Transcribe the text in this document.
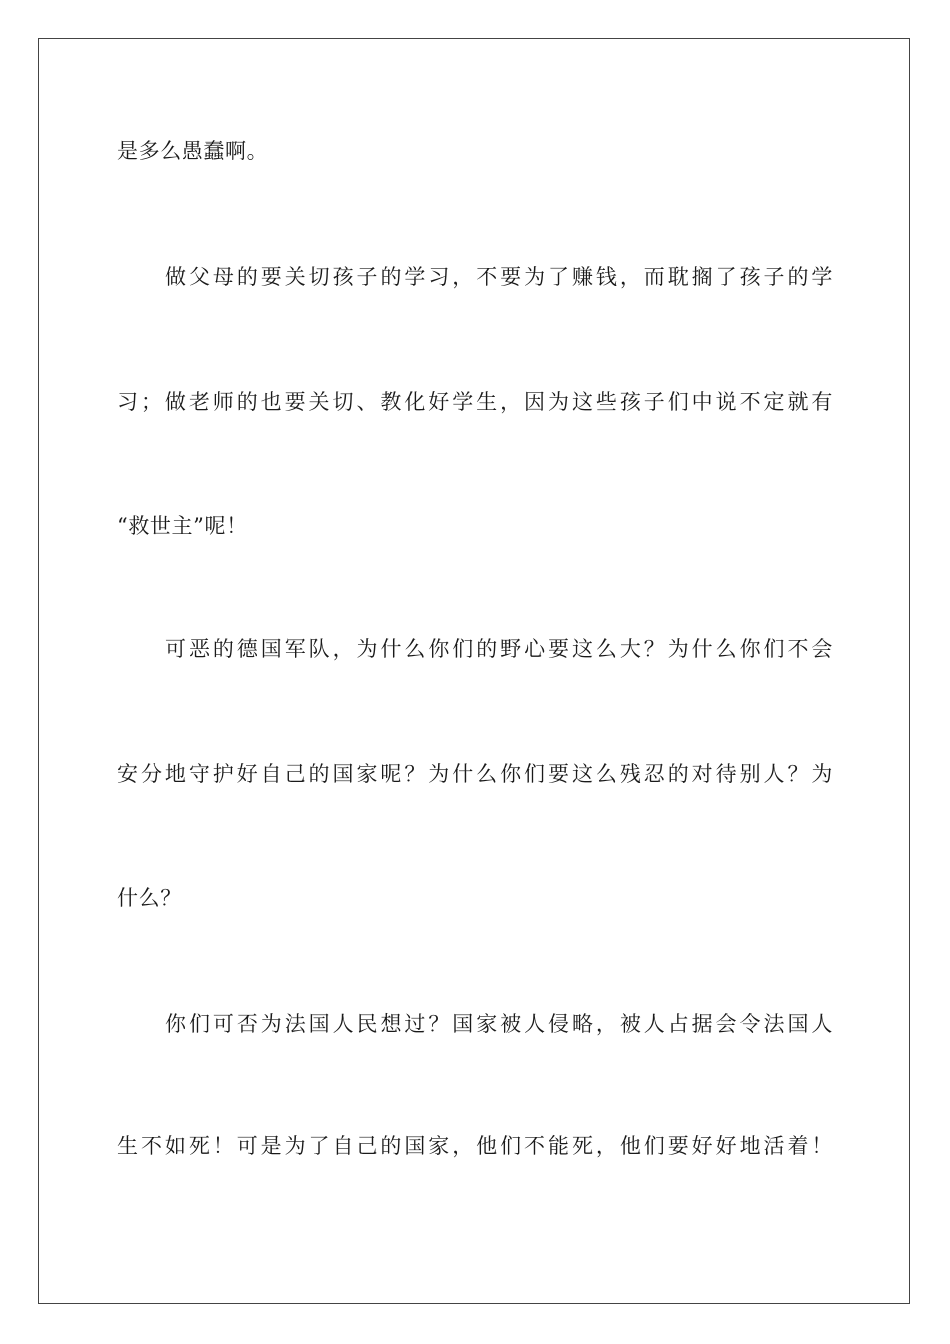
是多么愚蠢啊。
做父母的要关切孩子的学习，不要为了赚钱，而耽搁了孩子的学
习；做老师的也要关切、教化好学生，因为这些孩子们中说不定就有
“救世主”呢！
可恶的德国军队，为什么你们的野心要这么大？为什么你们不会
安分地守护好自己的国家呢？为什么你们要这么残忍的对待别人？为
什么？
你们可否为法国人民想过？国家被人侵略，被人占据会令法国人
生不如死！可是为了自己的国家，他们不能死，他们要好好地活着！
